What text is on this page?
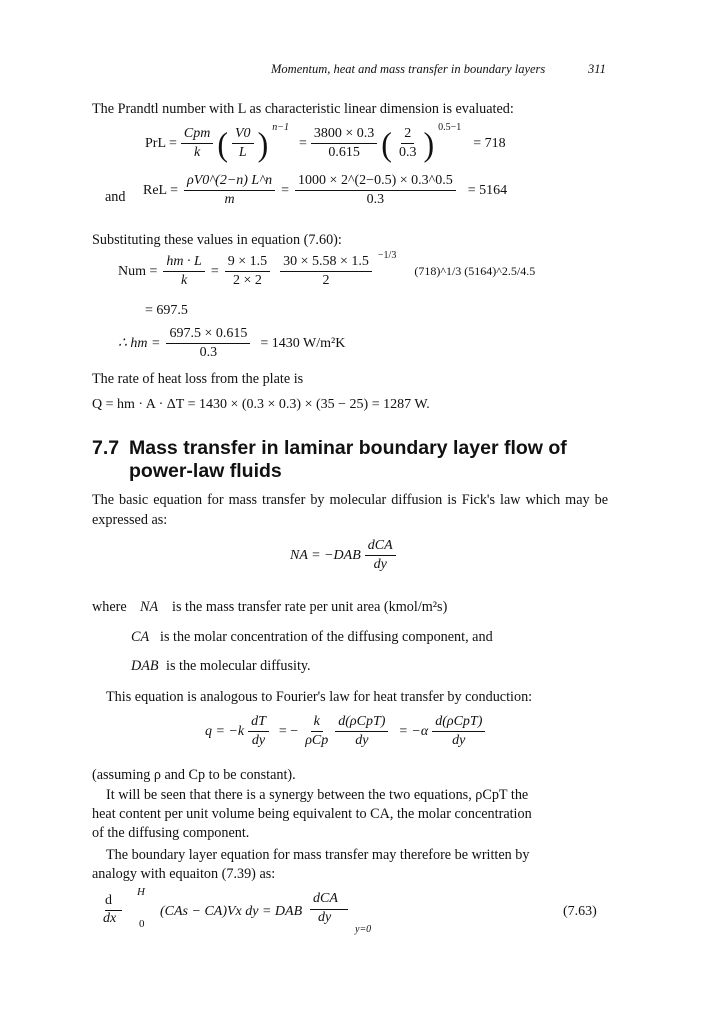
Momentum, heat and mass transfer in boundary layers	311
The Prandtl number with L as characteristic linear dimension is evaluated:
PrL = $\frac{\text{Cpm}}{k}$ ( $\frac{V0}{L}$ ) $^{n-1}$
= $\frac{3800 \times 0.3}{0.615}$ ( $\frac{2}{0.3}$ ) $^{0.5-1}$
= 718
and ReL = $\frac{\rho V0\^{}(2-n) L\^{}n}{m} = \frac{1000 \times 2\^{}(2-0.5) \times 0.3\^{}0.5}{0.3} = 5164$
Substituting these values in equation (7.60):
Num = $\frac{hm \cdot L}{k} = \frac{9 \times 1.5}{2 \times 2} \frac{30 \times 5.58 \times 1.5}{2} ^{-1/3}$
(718)^1/3 (5164)^2.5/4.5
= 697.5
∴ hm = $\frac{697.5 \times 0.615}{0.3} = 1430$ W/m²K
The rate of heat loss from the plate is
Q = hm · A · ΔT = 1430 × (0.3 × 0.3) × (35 − 25) = 1287 W.
7.7 Mass transfer in laminar boundary layer flow of
power-law fluids
The basic equation for mass transfer by molecular diffusion is Fick's law which may be expressed as:
NA = $-DAB \frac{\text{dCA}}{dy}$
where NA is the mass transfer rate per unit area (kmol/m²s)
CA is the molar concentration of the diffusing component, and
DAB is the molecular diffusity.
This equation is analogous to Fourier's law for heat transfer by conduction:
$q = -k \frac{dT}{dy}$ = − $\frac{k}{\text{ρCp}} \frac{\text{d(ρCpT)}}{dy} = -\alpha \frac{\text{d(ρCpT)}}{dy}$
(assuming ρ and Cp to be constant).
It will be seen that there is a synergy between the two equations, ρCpT the
heat content per unit volume being equivalent to CA, the molar concentration
of the diffusing component.
The boundary layer equation for mass transfer may therefore be written by
analogy with equaiton (7.39) as:
d
dx
H
0
(CAs − CA)Vx dy = DAB
dCA
dy
y=0
(7.63)
